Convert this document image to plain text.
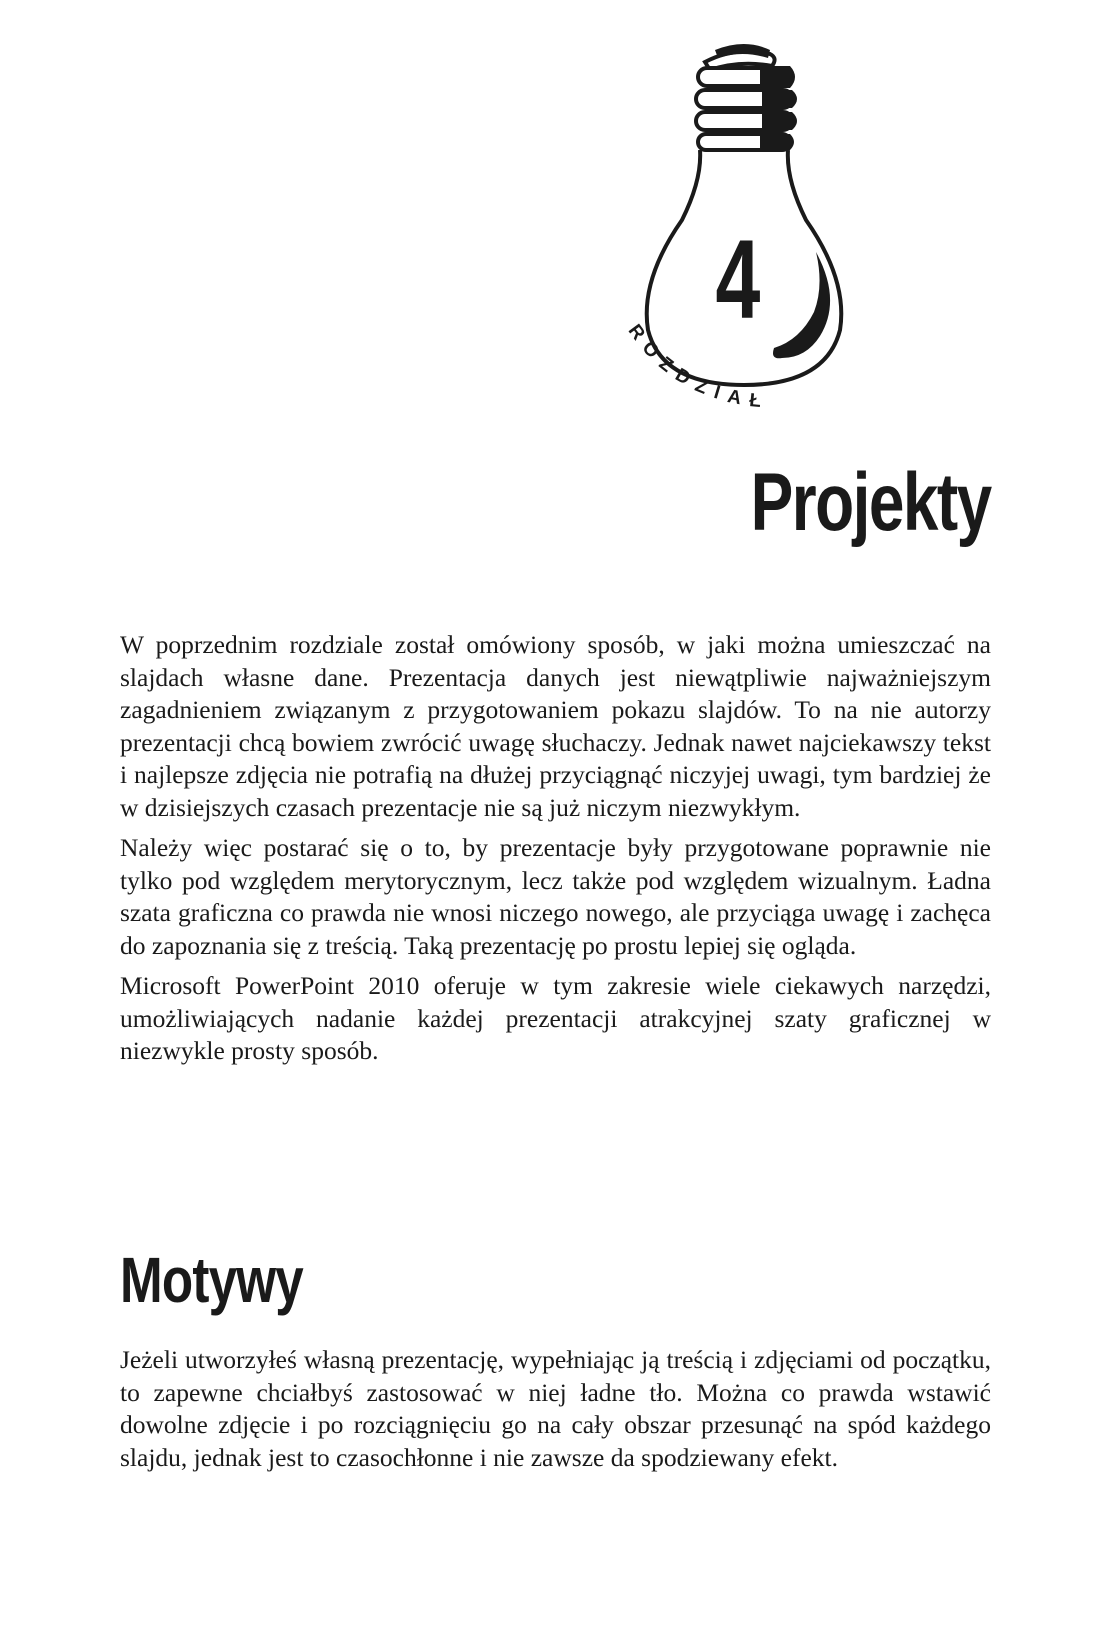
4
ROZDZIAŁ
Projekty

W poprzednim rozdziale został omówiony sposób, w jaki można umieszczać na slajdach własne dane. Prezentacja danych jest niewątpliwie najważniejszym zagadnieniem związanym z przygotowaniem pokazu slajdów. To na nie autorzy prezentacji chcą bowiem zwrócić uwagę słuchaczy. Jednak nawet najciekawszy tekst i najlepsze zdjęcia nie potrafią na dłużej przyciągnąć niczyjej uwagi, tym bardziej że w dzisiejszych czasach prezentacje nie są już niczym niezwykłym.

Należy więc postarać się o to, by prezentacje były przygotowane poprawnie nie tylko pod względem merytorycznym, lecz także pod względem wizualnym. Ładna szata graficzna co prawda nie wnosi niczego nowego, ale przyciąga uwagę i zachęca do zapoznania się z treścią. Taką prezentację po prostu lepiej się ogląda.

Microsoft PowerPoint 2010 oferuje w tym zakresie wiele ciekawych narzędzi, umożliwiających nadanie każdej prezentacji atrakcyjnej szaty graficznej w niezwykle prosty sposób.

Motywy

Jeżeli utworzyłeś własną prezentację, wypełniając ją treścią i zdjęciami od początku, to zapewne chciałbyś zastosować w niej ładne tło. Można co prawda wstawić dowolne zdjęcie i po rozciągnięciu go na cały obszar przesunąć na spód każdego slajdu, jednak jest to czasochłonne i nie zawsze da spodziewany efekt.
